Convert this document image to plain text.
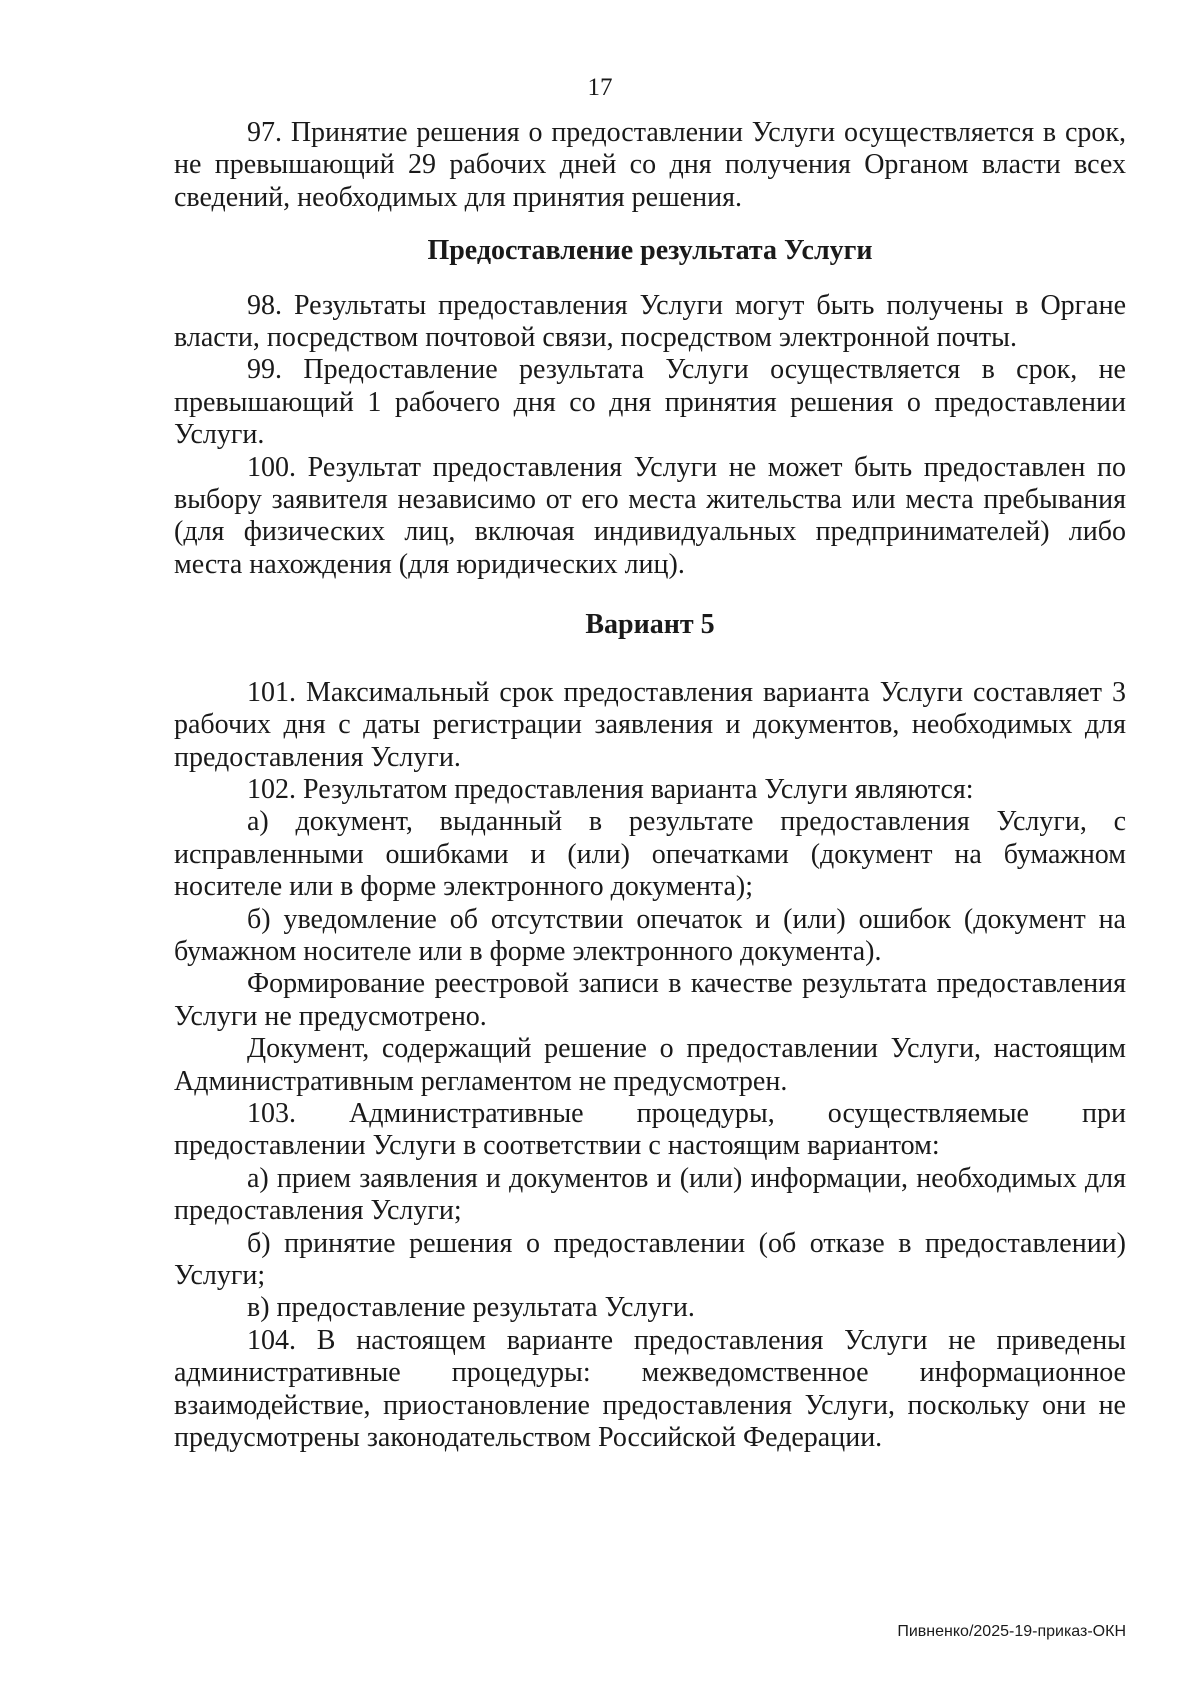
17

97. Принятие решения о предоставлении Услуги осуществляется в срок, не превышающий 29 рабочих дней со дня получения Органом власти всех сведений, необходимых для принятия решения.

Предоставление результата Услуги

98. Результаты предоставления Услуги могут быть получены в Органе власти, посредством почтовой связи, посредством электронной почты.

99. Предоставление результата Услуги осуществляется в срок, не превышающий 1 рабочего дня со дня принятия решения о предоставлении Услуги.

100. Результат предоставления Услуги не может быть предоставлен по выбору заявителя независимо от его места жительства или места пребывания (для физических лиц, включая индивидуальных предпринимателей) либо места нахождения (для юридических лиц).

Вариант 5

101. Максимальный срок предоставления варианта Услуги составляет 3 рабочих дня с даты регистрации заявления и документов, необходимых для предоставления Услуги.

102. Результатом предоставления варианта Услуги являются:

а) документ, выданный в результате предоставления Услуги, с исправленными ошибками и (или) опечатками (документ на бумажном носителе или в форме электронного документа);

б) уведомление об отсутствии опечаток и (или) ошибок (документ на бумажном носителе или в форме электронного документа).

Формирование реестровой записи в качестве результата предоставления Услуги не предусмотрено.

Документ, содержащий решение о предоставлении Услуги, настоящим Административным регламентом не предусмотрен.

103. Административные процедуры, осуществляемые при предоставлении Услуги в соответствии с настоящим вариантом:

а) прием заявления и документов и (или) информации, необходимых для предоставления Услуги;

б) принятие решения о предоставлении (об отказе в предоставлении) Услуги;

в) предоставление результата Услуги.

104. В настоящем варианте предоставления Услуги не приведены административные процедуры: межведомственное информационное взаимодействие, приостановление предоставления Услуги, поскольку они не предусмотрены законодательством Российской Федерации.

Пивненко/2025-19-приказ-ОКН
